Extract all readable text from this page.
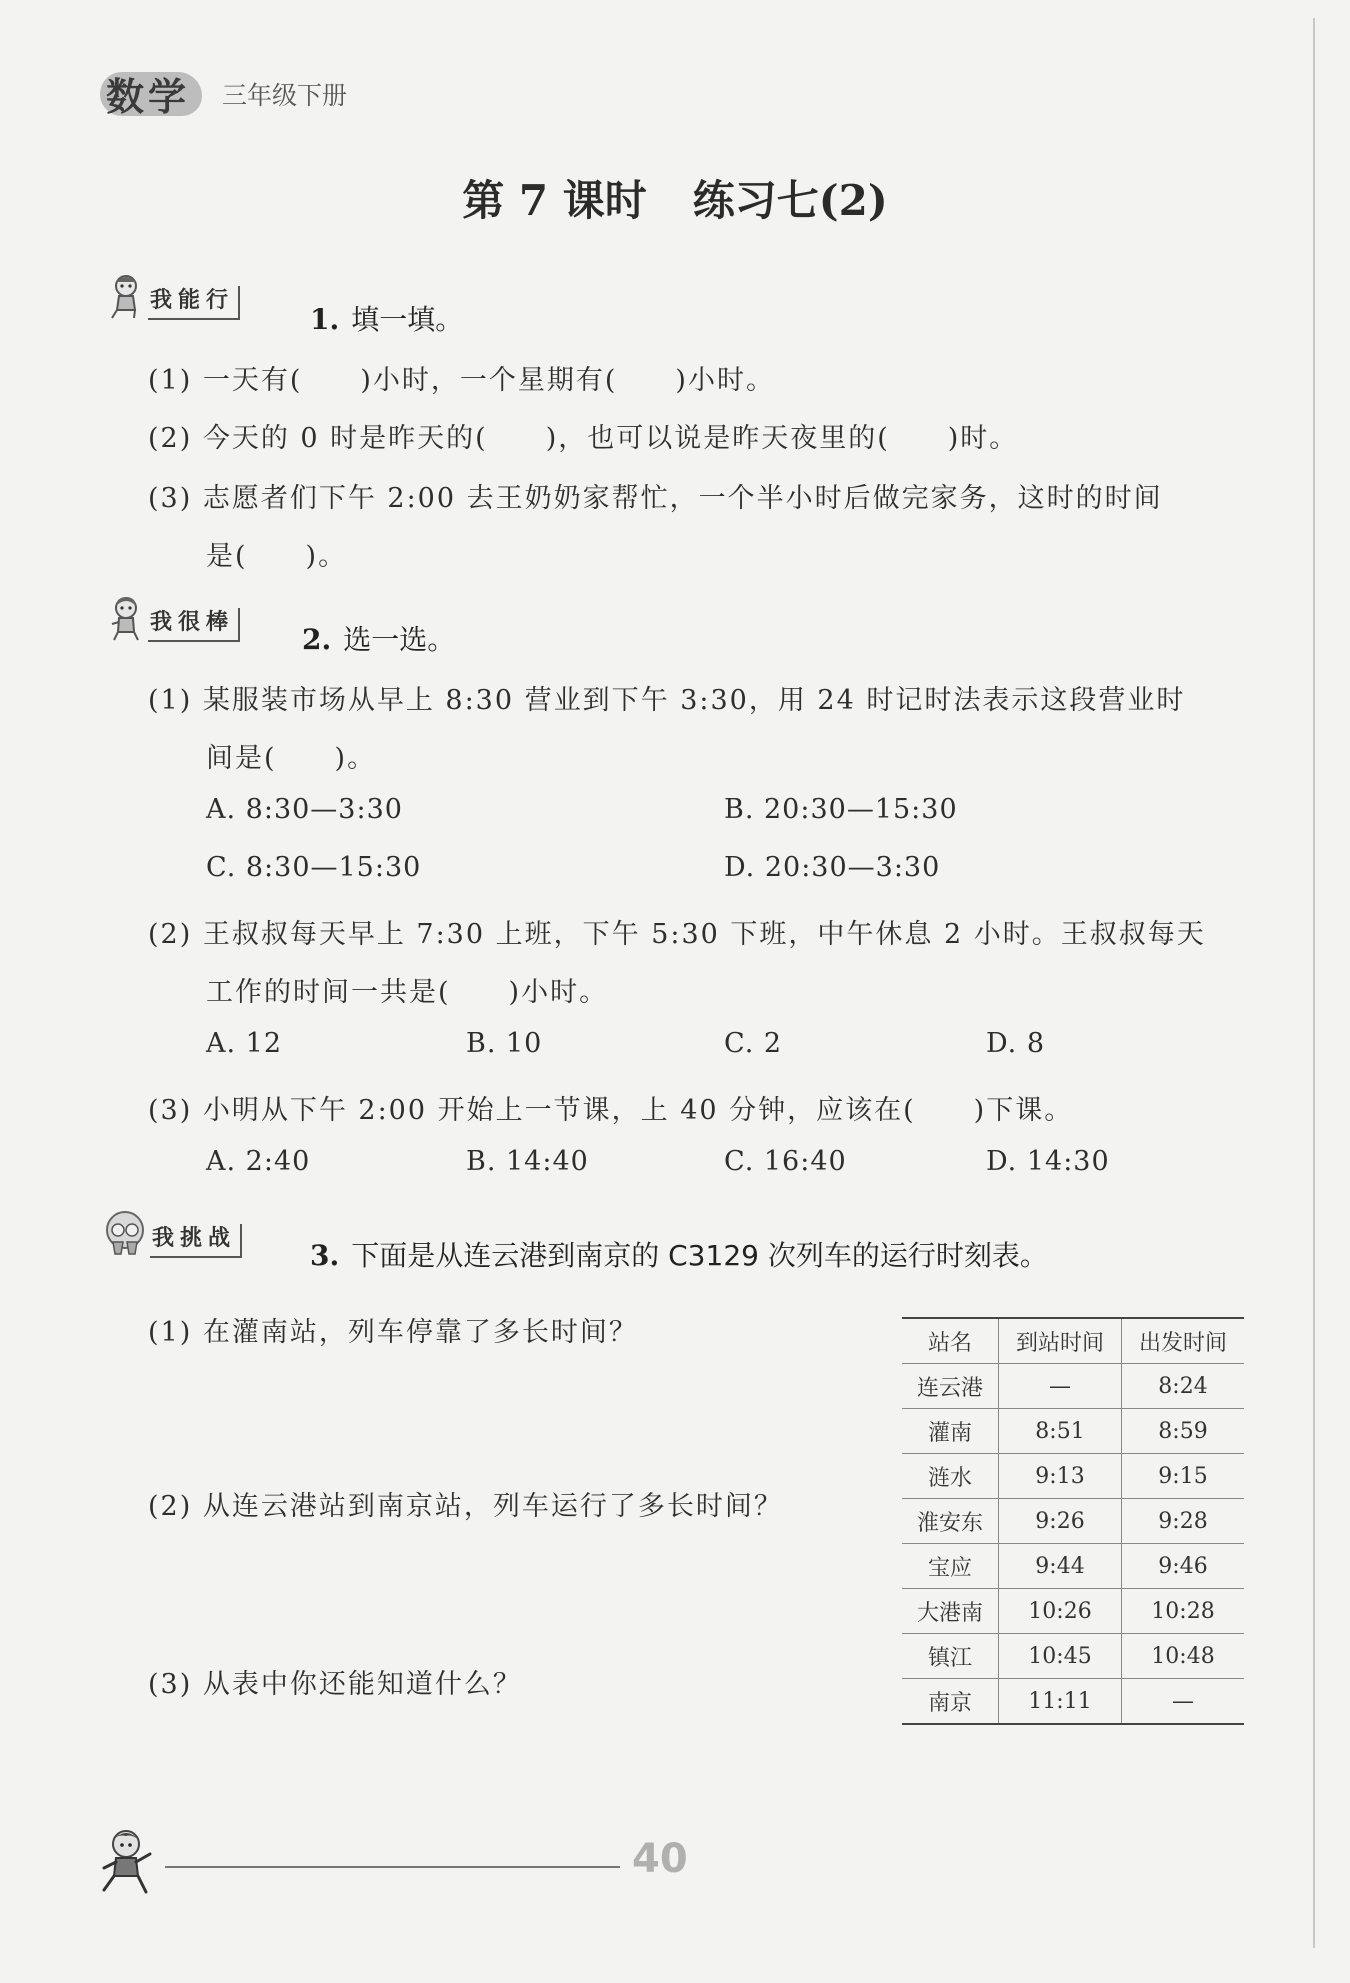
数学 三年级下册
第 7 课时 练习七(2)
我能行
1. 填一填。
(1) 一天有(　　)小时，一个星期有(　　)小时。
(2) 今天的 0 时是昨天的(　　)，也可以说是昨天夜里的(　　)时。
(3) 志愿者们下午 2:00 去王奶奶家帮忙，一个半小时后做完家务，这时的时间
是(　　)。
我很棒
2. 选一选。
(1) 某服装市场从早上 8:30 营业到下午 3:30，用 24 时记时法表示这段营业时
间是(　　)。
A. 8:30—3:30	B. 20:30—15:30
C. 8:30—15:30	D. 20:30—3:30
(2) 王叔叔每天早上 7:30 上班，下午 5:30 下班，中午休息 2 小时。王叔叔每天
工作的时间一共是(　　)小时。
A. 12	B. 10	C. 2	D. 8
(3) 小明从下午 2:00 开始上一节课，上 40 分钟，应该在(　　)下课。
A. 2:40	B. 14:40	C. 16:40	D. 14:30
我挑战
3. 下面是从连云港到南京的 C3129 次列车的运行时刻表。
(1) 在灌南站，列车停靠了多长时间？
(2) 从连云港站到南京站，列车运行了多长时间？
(3) 从表中你还能知道什么？
站名	到站时间	出发时间
连云港	—	8:24
灌南	8:51	8:59
涟水	9:13	9:15
淮安东	9:26	9:28
宝应	9:44	9:46
大港南	10:26	10:28
镇江	10:45	10:48
南京	11:11	—
40
